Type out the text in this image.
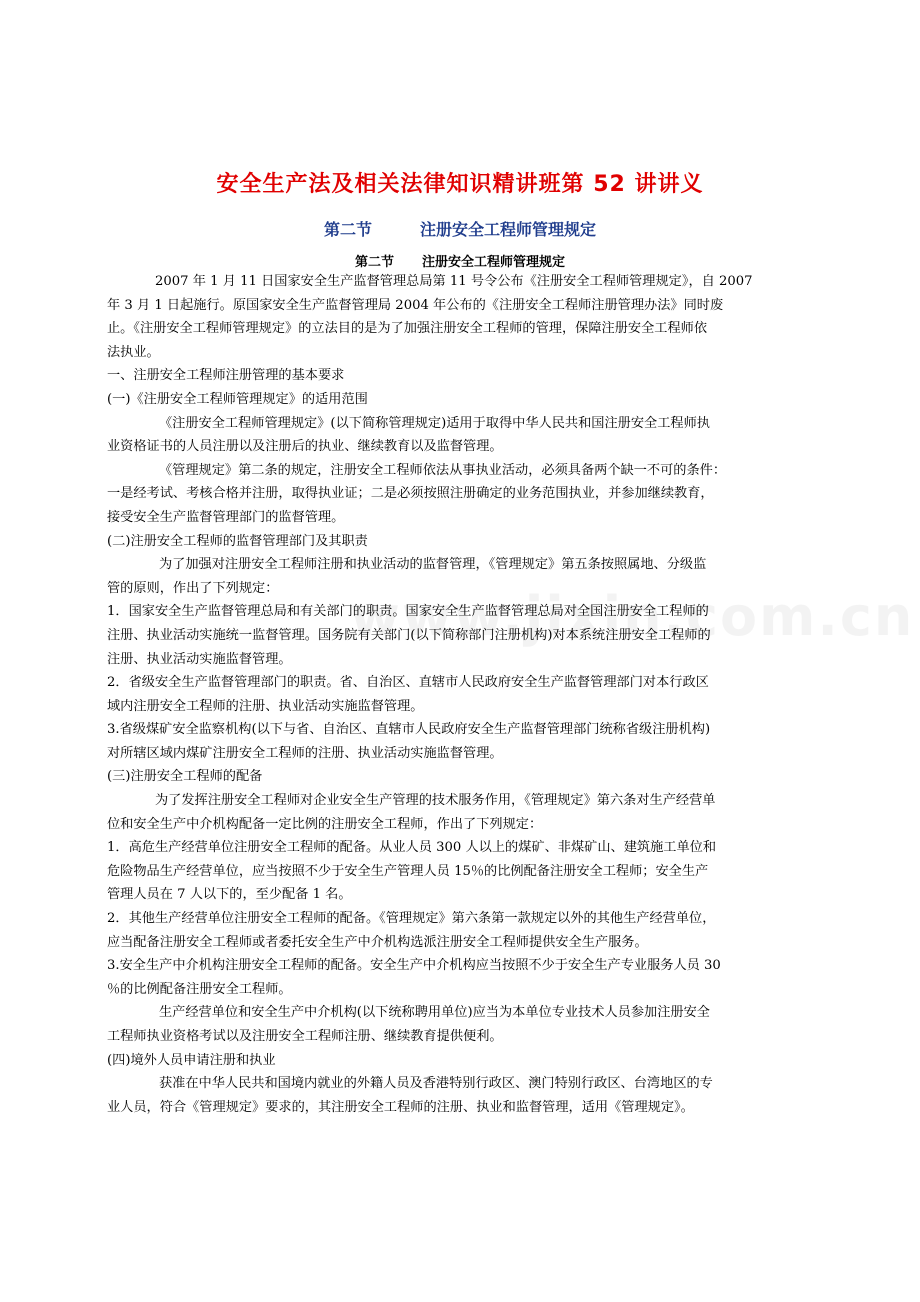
安全生产法及相关法律知识精讲班第 52 讲讲义
第二节	注册安全工程师管理规定
第二节 注册安全工程师管理规定
2007 年 1 月 11 日国家安全生产监督管理总局第 11 号令公布《注册安全工程师管理规定》，自 2007
年 3 月 1 日起施行。原国家安全生产监督管理局 2004 年公布的《注册安全工程师注册管理办法》同时废
止。《注册安全工程师管理规定》的立法目的是为了加强注册安全工程师的管理，保障注册安全工程师依
法执业。
一、注册安全工程师注册管理的基本要求
(一)《注册安全工程师管理规定》的适用范围
《注册安全工程师管理规定》(以下简称管理规定)适用于取得中华人民共和国注册安全工程师执
业资格证书的人员注册以及注册后的执业、继续教育以及监督管理。
《管理规定》第二条的规定，注册安全工程师依法从事执业活动，必须具备两个缺一不可的条件：
一是经考试、考核合格并注册，取得执业证；二是必须按照注册确定的业务范围执业，并参加继续教育，
接受安全生产监督管理部门的监督管理。
(二)注册安全工程师的监督管理部门及其职责
为了加强对注册安全工程师注册和执业活动的监督管理，《管理规定》第五条按照属地、分级监
管的原则，作出了下列规定：
1．国家安全生产监督管理总局和有关部门的职责。国家安全生产监督管理总局对全国注册安全工程师的
注册、执业活动实施统一监督管理。国务院有关部门(以下简称部门注册机构)对本系统注册安全工程师的
注册、执业活动实施监督管理。
2．省级安全生产监督管理部门的职责。省、自治区、直辖市人民政府安全生产监督管理部门对本行政区
域内注册安全工程师的注册、执业活动实施监督管理。
3.省级煤矿安全监察机构(以下与省、自治区、直辖市人民政府安全生产监督管理部门统称省级注册机构)
对所辖区域内煤矿注册安全工程师的注册、执业活动实施监督管理。
(三)注册安全工程师的配备
为了发挥注册安全工程师对企业安全生产管理的技术服务作用，《管理规定》第六条对生产经营单
位和安全生产中介机构配备一定比例的注册安全工程师，作出了下列规定：
1．高危生产经营单位注册安全工程师的配备。从业人员 300 人以上的煤矿、非煤矿山、建筑施工单位和
危险物品生产经营单位，应当按照不少于安全生产管理人员 15％的比例配备注册安全工程师；安全生产
管理人员在 7 人以下的，至少配备 1 名。
2．其他生产经营单位注册安全工程师的配备。《管理规定》第六条第一款规定以外的其他生产经营单位，
应当配备注册安全工程师或者委托安全生产中介机构选派注册安全工程师提供安全生产服务。
3.安全生产中介机构注册安全工程师的配备。安全生产中介机构应当按照不少于安全生产专业服务人员 30
％的比例配备注册安全工程师。
生产经营单位和安全生产中介机构(以下统称聘用单位)应当为本单位专业技术人员参加注册安全
工程师执业资格考试以及注册安全工程师注册、继续教育提供便利。
(四)境外人员申请注册和执业
获准在中华人民共和国境内就业的外籍人员及香港特别行政区、澳门特别行政区、台湾地区的专
业人员，符合《管理规定》要求的，其注册安全工程师的注册、执业和监督管理，适用《管理规定》。
